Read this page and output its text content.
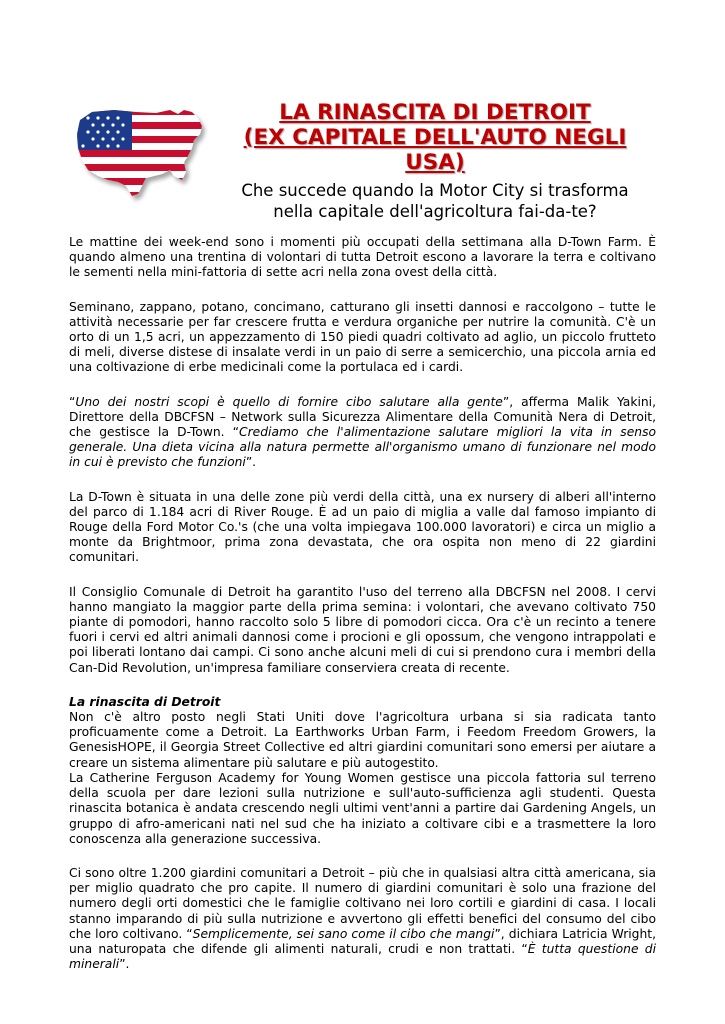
LA RINASCITA DI DETROIT
(EX CAPITALE DELL'AUTO NEGLI
USA)
Che succede quando la Motor City si trasforma
nella capitale dell'agricoltura fai-da-te?

Le mattine dei week-end sono i momenti più occupati della settimana alla D-Town Farm. È quando almeno una trentina di volontari di tutta Detroit escono a lavorare la terra e coltivano le sementi nella mini-fattoria di sette acri nella zona ovest della città.

Seminano, zappano, potano, concimano, catturano gli insetti dannosi e raccolgono – tutte le attività necessarie per far crescere frutta e verdura organiche per nutrire la comunità. C'è un orto di un 1,5 acri, un appezzamento di 150 piedi quadri coltivato ad aglio, un piccolo frutteto di meli, diverse distese di insalate verdi in un paio di serre a semicerchio, una piccola arnia ed una coltivazione di erbe medicinali come la portulaca ed i cardi.

“Uno dei nostri scopi è quello di fornire cibo salutare alla gente”, afferma Malik Yakini, Direttore della DBCFSN – Network sulla Sicurezza Alimentare della Comunità Nera di Detroit, che gestisce la D-Town. “Crediamo che l'alimentazione salutare migliori la vita in senso generale. Una dieta vicina alla natura permette all'organismo umano di funzionare nel modo in cui è previsto che funzioni”.

La D-Town è situata in una delle zone più verdi della città, una ex nursery di alberi all'interno del parco di 1.184 acri di River Rouge. È ad un paio di miglia a valle dal famoso impianto di Rouge della Ford Motor Co.'s (che una volta impiegava 100.000 lavoratori) e circa un miglio a monte da Brightmoor, prima zona devastata, che ora ospita non meno di 22 giardini comunitari.

Il Consiglio Comunale di Detroit ha garantito l'uso del terreno alla DBCFSN nel 2008. I cervi hanno mangiato la maggior parte della prima semina: i volontari, che avevano coltivato 750 piante di pomodori, hanno raccolto solo 5 libre di pomodori cicca. Ora c'è un recinto a tenere fuori i cervi ed altri animali dannosi come i procioni e gli opossum, che vengono intrappolati e poi liberati lontano dai campi. Ci sono anche alcuni meli di cui si prendono cura i membri della Can-Did Revolution, un'impresa familiare conserviera creata di recente.

La rinascita di Detroit

Non c'è altro posto negli Stati Uniti dove l'agricoltura urbana si sia radicata tanto proficuamente come a Detroit. La Earthworks Urban Farm, i Feedom Freedom Growers, la GenesisHOPE, il Georgia Street Collective ed altri giardini comunitari sono emersi per aiutare a creare un sistema alimentare più salutare e più autogestito.

La Catherine Ferguson Academy for Young Women gestisce una piccola fattoria sul terreno della scuola per dare lezioni sulla nutrizione e sull'auto-sufficienza agli studenti. Questa rinascita botanica è andata crescendo negli ultimi vent'anni a partire dai Gardening Angels, un gruppo di afro-americani nati nel sud che ha iniziato a coltivare cibi e a trasmettere la loro conoscenza alla generazione successiva.

Ci sono oltre 1.200 giardini comunitari a Detroit – più che in qualsiasi altra città americana, sia per miglio quadrato che pro capite. Il numero di giardini comunitari è solo una frazione del numero degli orti domestici che le famiglie coltivano nei loro cortili e giardini di casa. I locali stanno imparando di più sulla nutrizione e avvertono gli effetti benefici del consumo del cibo che loro coltivano. “Semplicemente, sei sano come il cibo che mangi”, dichiara Latricia Wright, una naturopata che difende gli alimenti naturali, crudi e non trattati. “È tutta questione di minerali”.
